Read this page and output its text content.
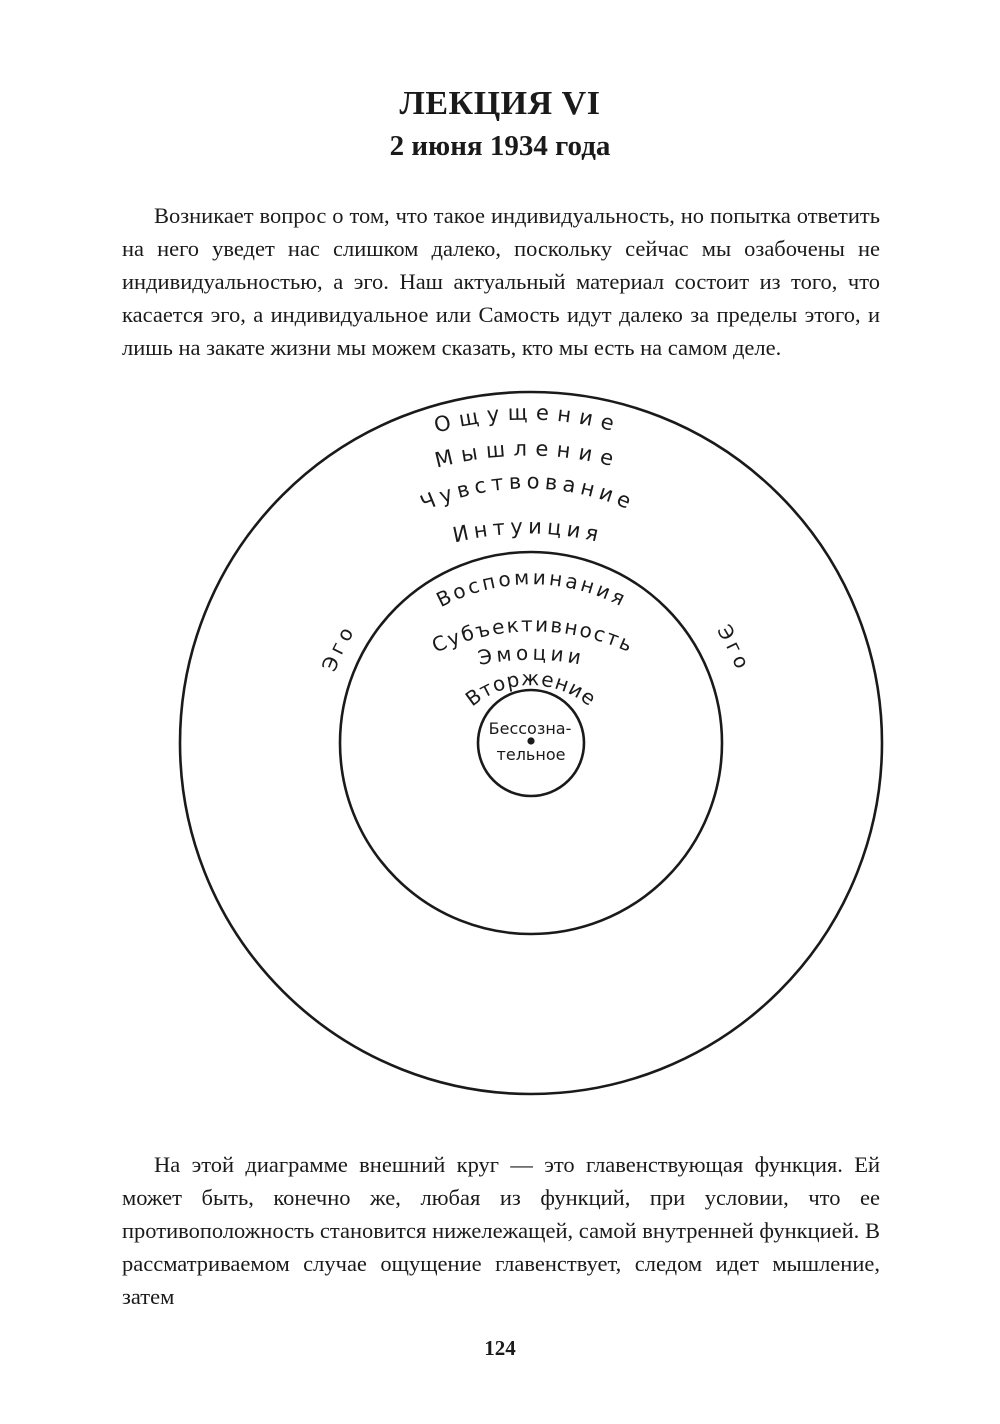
ЛЕКЦИЯ VI
2 июня 1934 года

Возникает вопрос о том, что такое индивидуальность, но попытка ответить на него уведет нас слишком далеко, поскольку сейчас мы озабочены не индивидуальностью, а эго. Наш актуальный материал состоит из того, что касается эго, а индивидуальное или Самость идут далеко за пределы этого, и лишь на закате жизни мы можем сказать, кто мы есть на самом деле.

Ощущение
Мышление
Чувствование
Интуиция
Воспоминания
Субъективность
Эмоции
Вторжение
Эго	Эго
Бессозна-
тельное

На этой диаграмме внешний круг — это главенствующая функция. Ей может быть, конечно же, любая из функций, при условии, что ее противоположность становится нижележащей, самой внутренней функцией. В рассматриваемом случае ощущение главенствует, следом идет мышление, затем

124
